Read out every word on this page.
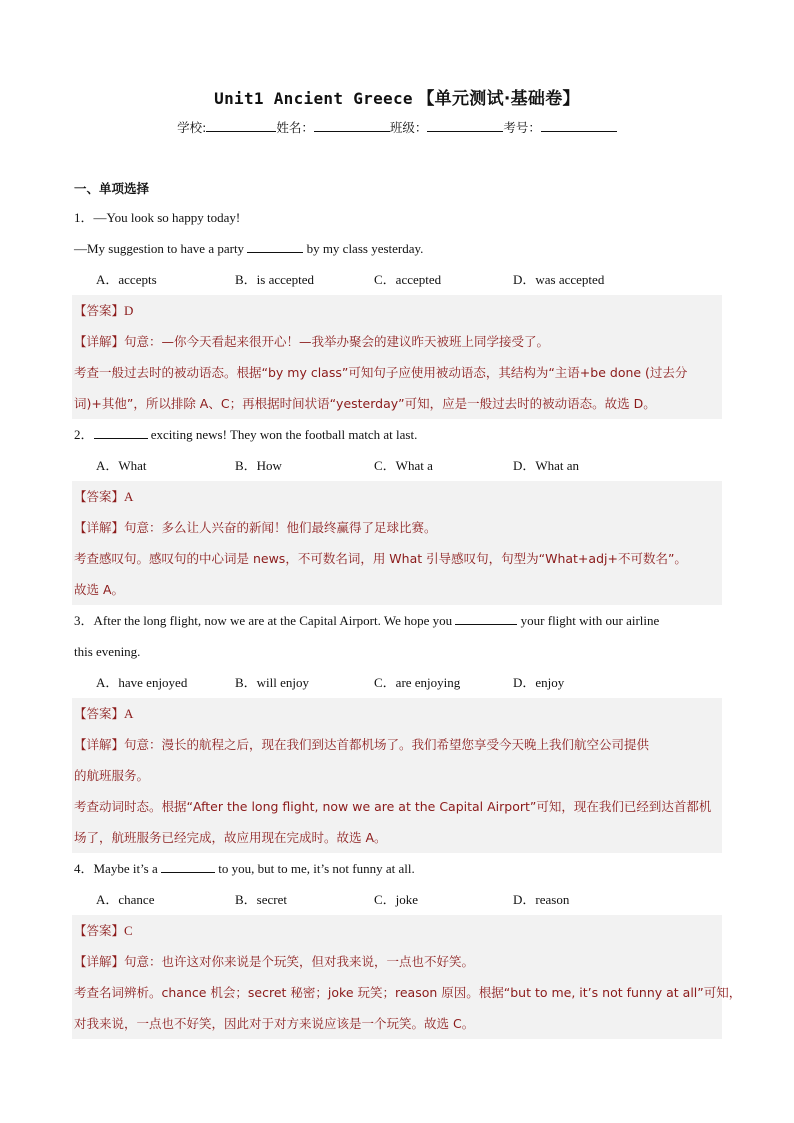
Unit1 Ancient Greece 【单元测试·基础卷】
学校:	姓名：	班级：	考号：
一、单项选择
1．—You look so happy today!
—My suggestion to have a party	by my class yesterday.
A．accepts	B．is accepted	C．accepted	D．was accepted
【答案】D
【详解】句意：—你今天看起来很开心！—我举办聚会的建议昨天被班上同学接受了。
考查一般过去时的被动语态。根据“by my class”可知句子应使用被动语态，其结构为“主语+be done (过去分
词)+其他”，所以排除 A、C；再根据时间状语“yesterday”可知，应是一般过去时的被动语态。故选 D。
2．	exciting news! They won the football match at last.
A．What	B．How	C．What a	D．What an
【答案】A
【详解】句意：多么让人兴奋的新闻！他们最终赢得了足球比赛。
考查感叹句。感叹句的中心词是 news，不可数名词，用 What 引导感叹句，句型为“What+adj+不可数名”。
故选 A。
3．After the long flight, now we are at the Capital Airport. We hope you	your flight with our airline
this evening.
A．have enjoyed	B．will enjoy	C．are enjoying	D．enjoy
【答案】A
【详解】句意：漫长的航程之后，现在我们到达首都机场了。我们希望您享受今天晚上我们航空公司提供
的航班服务。
考查动词时态。根据“After the long flight, now we are at the Capital Airport”可知，现在我们已经到达首都机
场了，航班服务已经完成，故应用现在完成时。故选 A。
4．Maybe it’s a	to you, but to me, it’s not funny at all.
A．chance	B．secret	C．joke	D．reason
【答案】C
【详解】句意：也许这对你来说是个玩笑，但对我来说，一点也不好笑。
考查名词辨析。chance 机会；secret 秘密；joke 玩笑；reason 原因。根据“but to me, it’s not funny at all”可知，
对我来说，一点也不好笑，因此对于对方来说应该是一个玩笑。故选 C。
